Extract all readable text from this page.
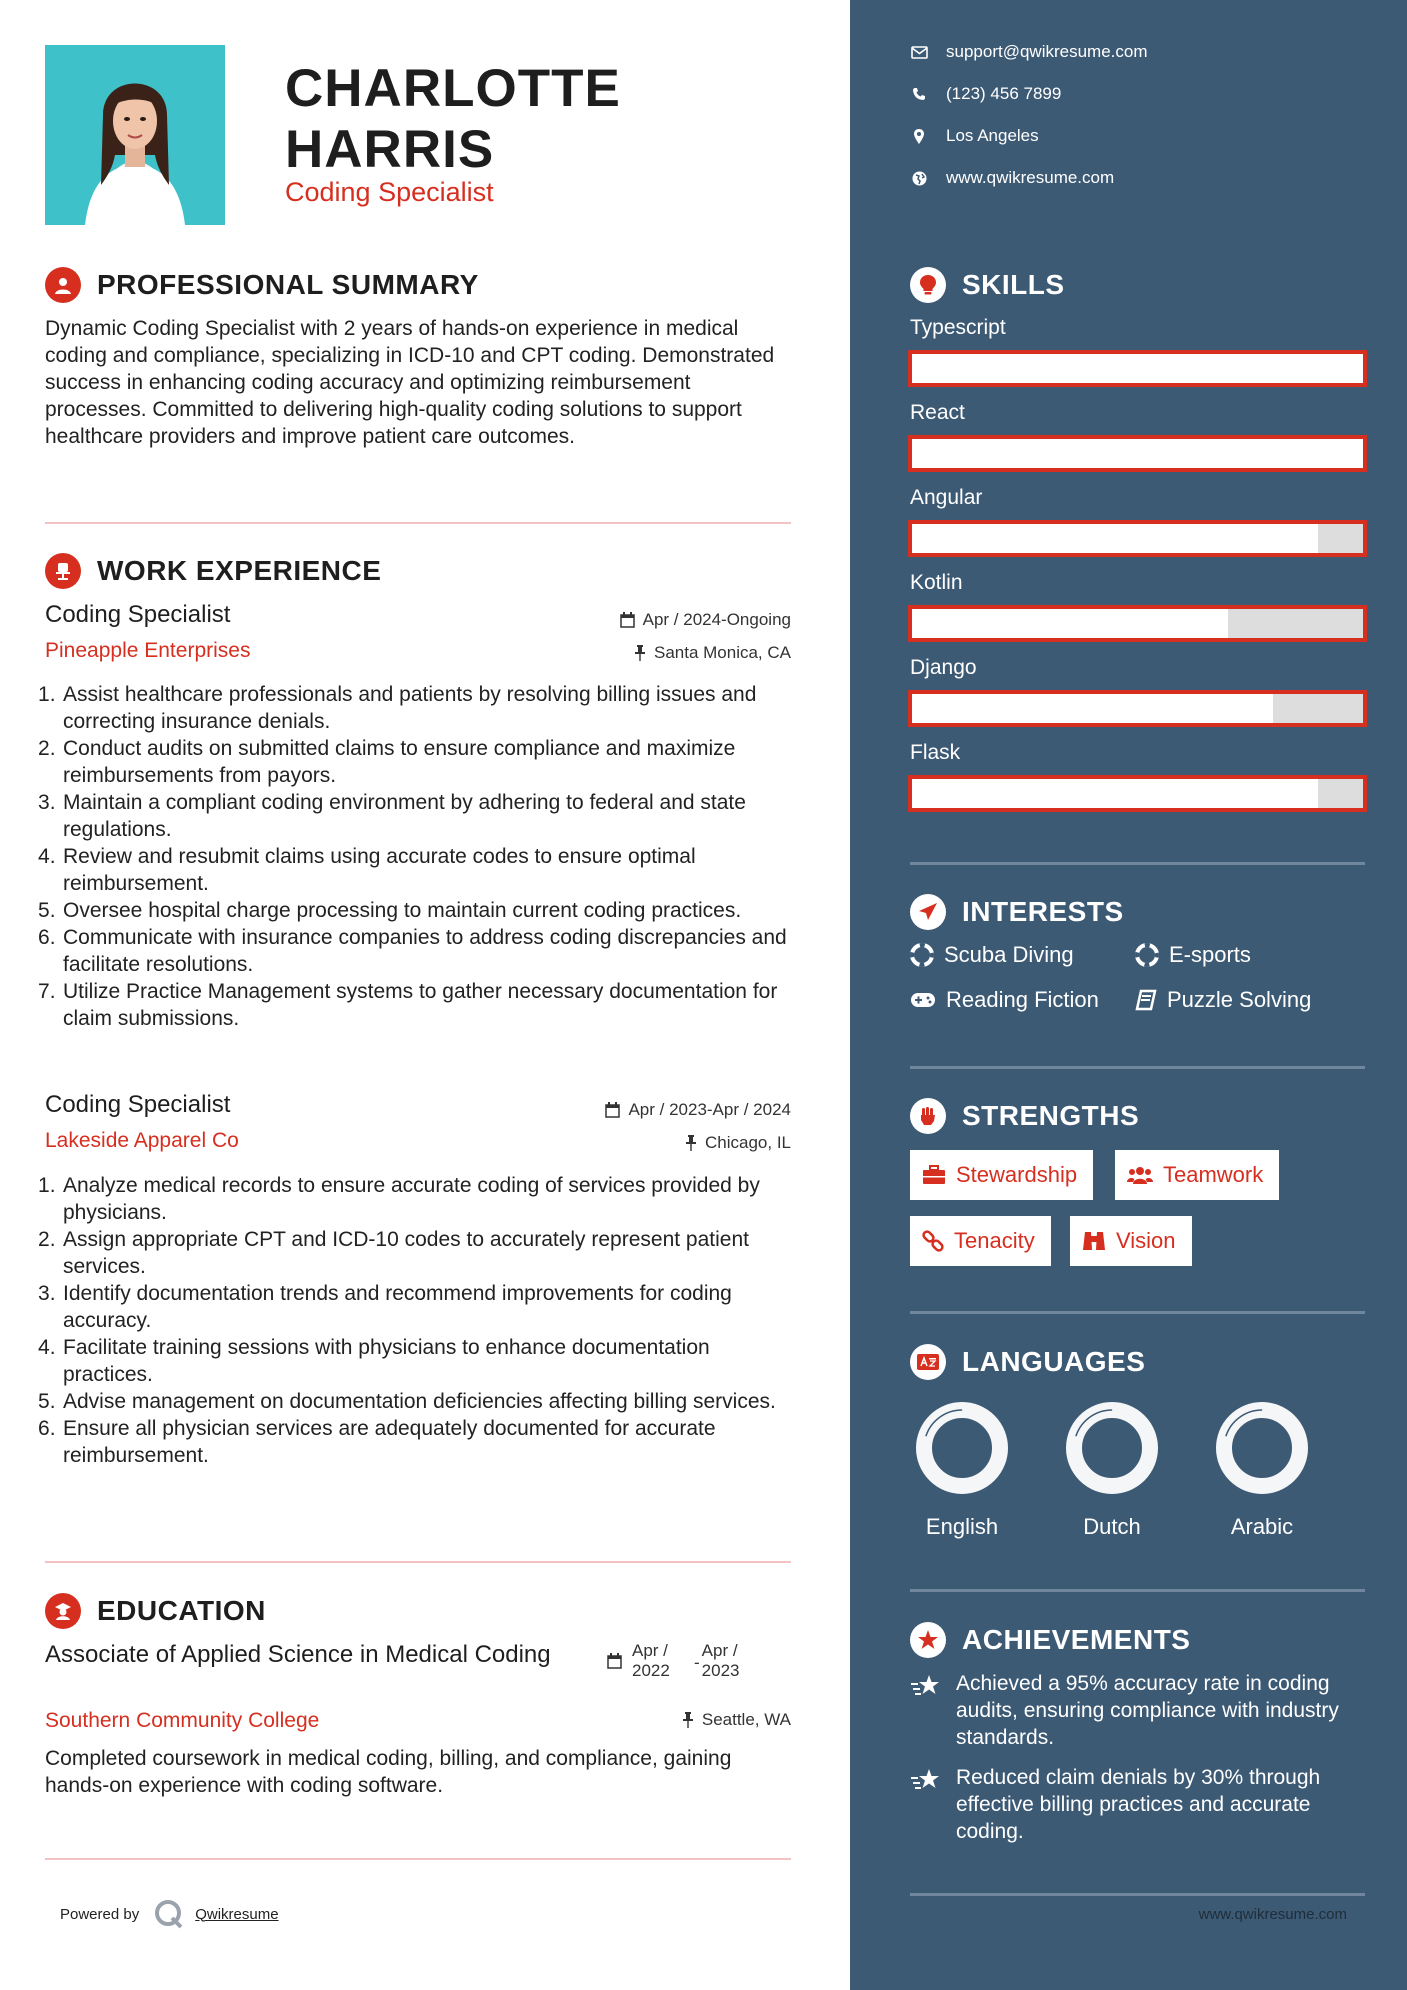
CHARLOTTE
HARRIS
Coding Specialist
PROFESSIONAL SUMMARY
Dynamic Coding Specialist with 2 years of hands-on experience in medical coding and compliance, specializing in ICD-10 and CPT coding. Demonstrated success in enhancing coding accuracy and optimizing reimbursement processes. Committed to delivering high-quality coding solutions to support healthcare providers and improve patient care outcomes.
WORK EXPERIENCE
Coding Specialist	Apr / 2024-Ongoing
Pineapple Enterprises	Santa Monica, CA
Assist healthcare professionals and patients by resolving billing issues and correcting insurance denials.
Conduct audits on submitted claims to ensure compliance and maximize reimbursements from payors.
Maintain a compliant coding environment by adhering to federal and state regulations.
Review and resubmit claims using accurate codes to ensure optimal reimbursement.
Oversee hospital charge processing to maintain current coding practices.
Communicate with insurance companies to address coding discrepancies and facilitate resolutions.
Utilize Practice Management systems to gather necessary documentation for claim submissions.
Coding Specialist	Apr / 2023-Apr / 2024
Lakeside Apparel Co	Chicago, IL
Analyze medical records to ensure accurate coding of services provided by physicians.
Assign appropriate CPT and ICD-10 codes to accurately represent patient services.
Identify documentation trends and recommend improvements for coding accuracy.
Facilitate training sessions with physicians to enhance documentation practices.
Advise management on documentation deficiencies affecting billing services.
Ensure all physician services are adequately documented for accurate reimbursement.
EDUCATION
Associate of Applied Science in Medical Coding	Apr / 2022	-
Apr / 2023
Southern Community College	Seattle, WA
Completed coursework in medical coding, billing, and compliance, gaining hands-on experience with coding software.
Powered by	Qwikresume
support@qwikresume.com
(123) 456 7899
Los Angeles
www.qwikresume.com
SKILLS
Typescript
React
Angular
Kotlin
Django
Flask
INTERESTS
Scuba Diving	E-sports
Reading Fiction	Puzzle Solving
STRENGTHS
Stewardship	Teamwork
Tenacity	Vision
LANGUAGES
English	Dutch	Arabic
ACHIEVEMENTS
Achieved a 95% accuracy rate in coding audits, ensuring compliance with industry standards.
Reduced claim denials by 30% through effective billing practices and accurate coding.
www.qwikresume.com
